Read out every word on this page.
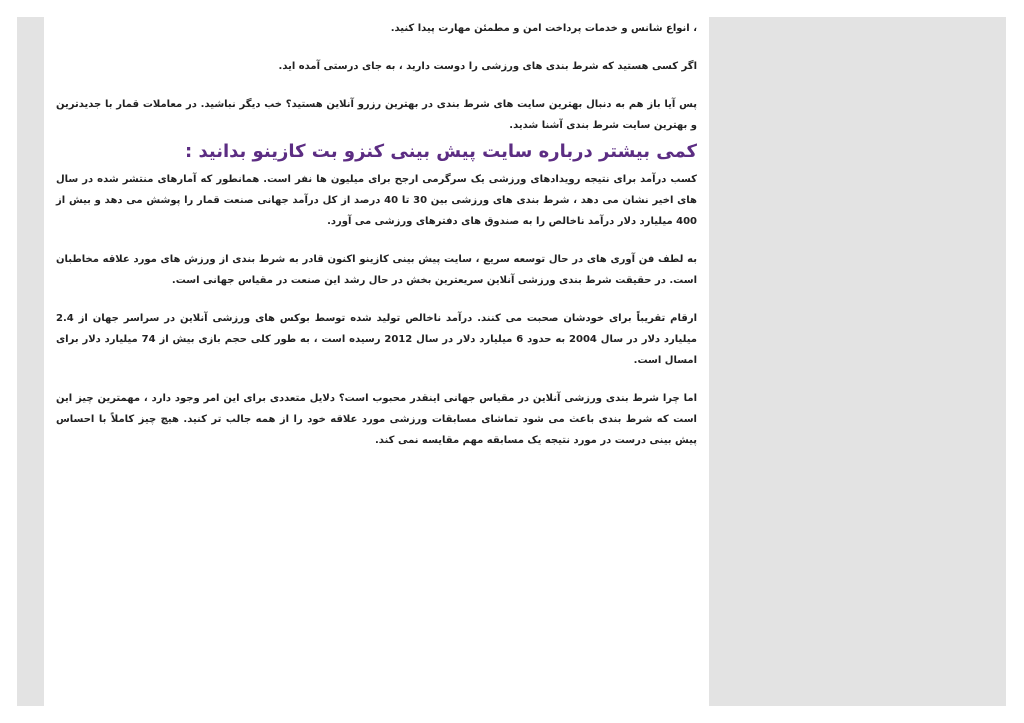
، انواع شانس و خدمات پرداخت امن و مطمئن مهارت پیدا کنید.

اگر کسی هستید که شرط بندی های ورزشی را دوست دارید ، به جای درستی آمده اید.

پس آیا باز هم به دنبال بهترین سایت های شرط بندی در بهترین رزرو آنلاین هستید؟ خب دیگر نباشید. در معاملات قمار با جدیدترین و بهترین سایت شرط بندی آشنا شدید.

کمی بیشتر درباره سایت پیش بینی کنزو بت کازینو بدانید :

کسب درآمد برای نتیجه رویدادهای ورزشی یک سرگرمی ارجح برای میلیون ها نفر است. همانطور که آمارهای منتشر شده در سال های اخیر نشان می دهد ، شرط بندی های ورزشی بین 30 تا 40 درصد از کل درآمد جهانی صنعت قمار را پوشش می دهد و بیش از 400 میلیارد دلار درآمد ناخالص را به صندوق های دفترهای ورزشی می آورد.

به لطف فن آوری های در حال توسعه سریع ، سایت پیش بینی کازینو اکنون قادر به شرط بندی از ورزش های مورد علاقه مخاطبان است. در حقیقت شرط بندی ورزشی آنلاین سریعترین بخش در حال رشد این صنعت در مقیاس جهانی است.

ارقام تقریباً برای خودشان صحبت می کنند. درآمد ناخالص تولید شده توسط بوکس های ورزشی آنلاین در سراسر جهان از 2.4 میلیارد دلار در سال 2004 به حدود 6 میلیارد دلار در سال 2012 رسیده است ، به طور کلی حجم بازی بیش از 74 میلیارد دلار برای امسال است.

اما چرا شرط بندی ورزشی آنلاین در مقیاس جهانی اینقدر محبوب است؟ دلایل متعددی برای این امر وجود دارد ، مهمترین چیز این است که شرط بندی باعث می شود تماشای مسابقات ورزشی مورد علاقه خود را از همه جالب تر کنید. هیچ چیز کاملاً با احساس پیش بینی درست در مورد نتیجه یک مسابقه مهم مقایسه نمی کند.
